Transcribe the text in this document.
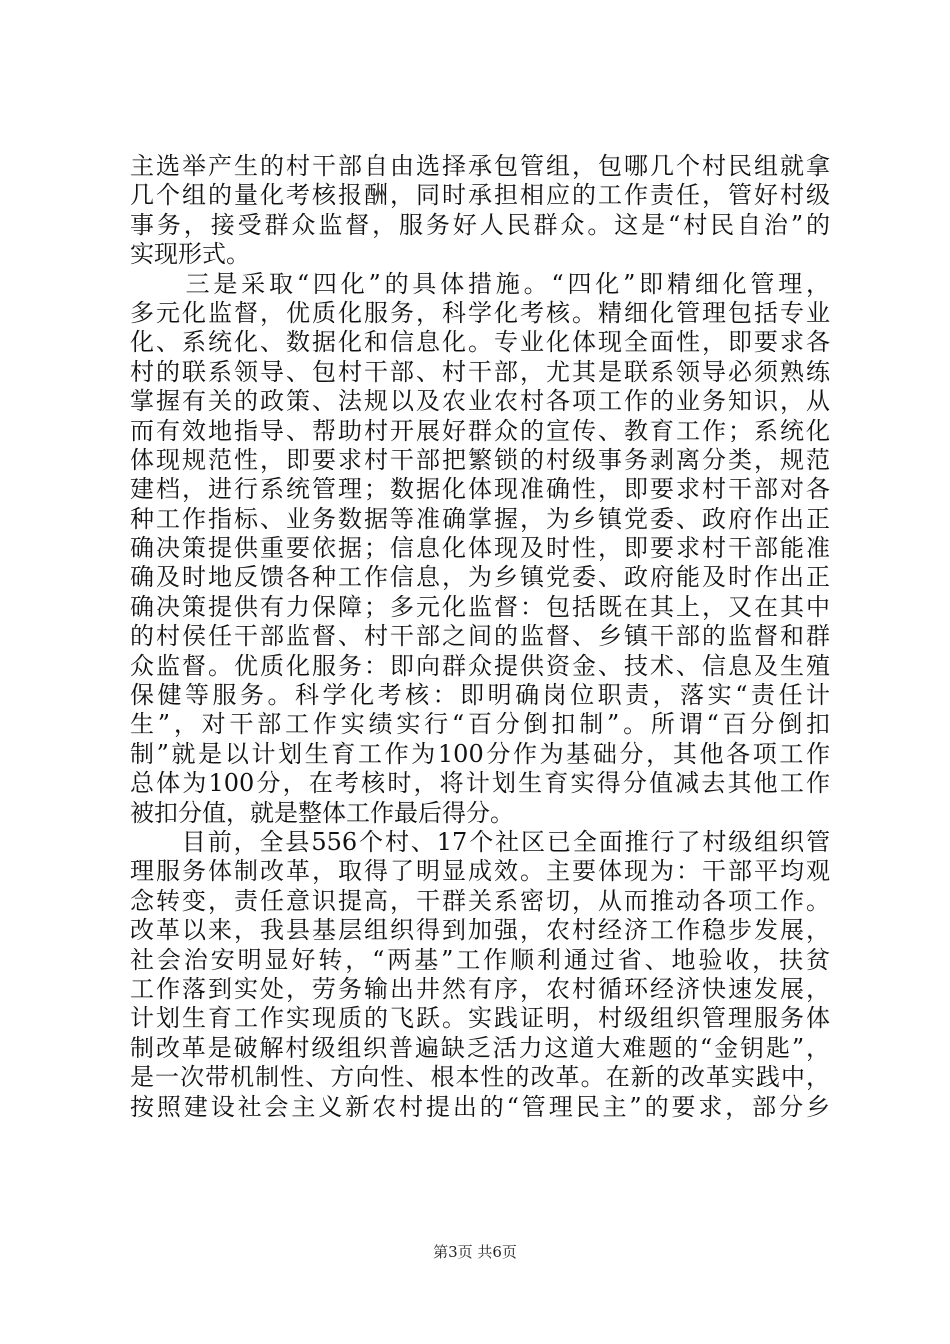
主选举产生的村干部自由选择承包管组，包哪几个村民组就拿
几个组的量化考核报酬，同时承担相应的工作责任，管好村级
事务，接受群众监督，服务好人民群众。这是“村民自治”的
实现形式。
　　三是采取“四化”的具体措施。“四化”即精细化管理，
多元化监督，优质化服务，科学化考核。精细化管理包括专业
化、系统化、数据化和信息化。专业化体现全面性，即要求各
村的联系领导、包村干部、村干部，尤其是联系领导必须熟练
掌握有关的政策、法规以及农业农村各项工作的业务知识，从
而有效地指导、帮助村开展好群众的宣传、教育工作；系统化
体现规范性，即要求村干部把繁锁的村级事务剥离分类，规范
建档，进行系统管理；数据化体现准确性，即要求村干部对各
种工作指标、业务数据等准确掌握，为乡镇党委、政府作出正
确决策提供重要依据；信息化体现及时性，即要求村干部能准
确及时地反馈各种工作信息，为乡镇党委、政府能及时作出正
确决策提供有力保障；多元化监督：包括既在其上，又在其中
的村侯任干部监督、村干部之间的监督、乡镇干部的监督和群
众监督。优质化服务：即向群众提供资金、技术、信息及生殖
保健等服务。科学化考核：即明确岗位职责，落实“责任计
生”，对干部工作实绩实行“百分倒扣制”。所谓“百分倒扣
制”就是以计划生育工作为100分作为基础分，其他各项工作
总体为100分，在考核时，将计划生育实得分值减去其他工作
被扣分值，就是整体工作最后得分。
　　目前，全县556个村、17个社区已全面推行了村级组织管
理服务体制改革，取得了明显成效。主要体现为：干部平均观
念转变，责任意识提高，干群关系密切，从而推动各项工作。
改革以来，我县基层组织得到加强，农村经济工作稳步发展，
社会治安明显好转，“两基”工作顺利通过省、地验收，扶贫
工作落到实处，劳务输出井然有序，农村循环经济快速发展，
计划生育工作实现质的飞跃。实践证明，村级组织管理服务体
制改革是破解村级组织普遍缺乏活力这道大难题的“金钥匙”，
是一次带机制性、方向性、根本性的改革。在新的改革实践中，
按照建设社会主义新农村提出的“管理民主”的要求，部分乡
第3页 共6页
